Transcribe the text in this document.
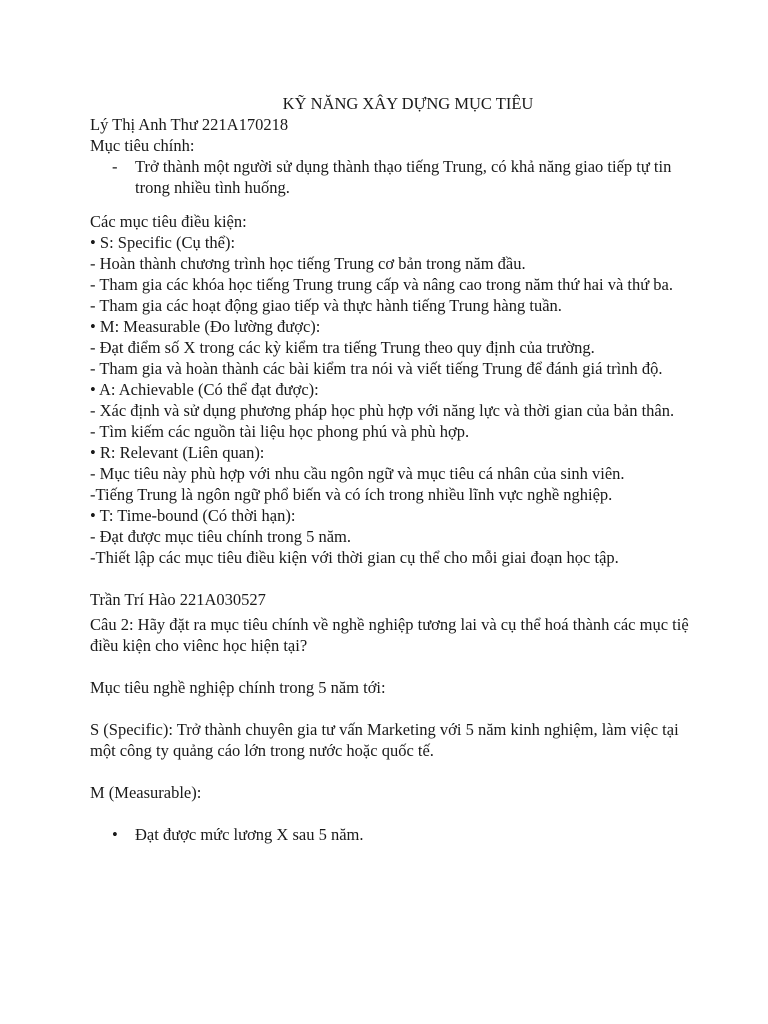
KỸ NĂNG XÂY DỰNG MỤC TIÊU

Lý Thị Anh Thư 221A170218

Mục tiêu chính:

-	Trở thành một người sử dụng thành thạo tiếng Trung, có khả năng giao tiếp tự tin trong nhiều tình huống.

Các mục tiêu điều kiện:

• S: Specific (Cụ thể):

- Hoàn thành chương trình học tiếng Trung cơ bản trong năm đầu.

- Tham gia các khóa học tiếng Trung trung cấp và nâng cao trong năm thứ hai và thứ ba.

- Tham gia các hoạt động giao tiếp và thực hành tiếng Trung hàng tuần.

• M: Measurable (Đo lường được):

- Đạt điểm số X trong các kỳ kiểm tra tiếng Trung theo quy định của trường.

- Tham gia và hoàn thành các bài kiểm tra nói và viết tiếng Trung để đánh giá trình độ.

• A: Achievable (Có thể đạt được):

- Xác định và sử dụng phương pháp học phù hợp với năng lực và thời gian của bản thân.

- Tìm kiếm các nguồn tài liệu học phong phú và phù hợp.

• R: Relevant (Liên quan):

- Mục tiêu này phù hợp với nhu cầu ngôn ngữ và mục tiêu cá nhân của sinh viên.

-Tiếng Trung là ngôn ngữ phổ biến và có ích trong nhiều lĩnh vực nghề nghiệp.

• T: Time-bound (Có thời hạn):

- Đạt được mục tiêu chính trong 5 năm.

-Thiết lập các mục tiêu điều kiện với thời gian cụ thể cho mỗi giai đoạn học tập.

Trần Trí Hào 221A030527

Câu 2: Hãy đặt ra mục tiêu chính về nghề nghiệp tương lai và cụ thể hoá thành các mục tiệ điều kiện cho viênc học hiện tại?

Mục tiêu nghề nghiệp chính trong 5 năm tới:

S (Specific): Trở thành chuyên gia tư vấn Marketing với 5 năm kinh nghiệm, làm việc tại một công ty quảng cáo lớn trong nước hoặc quốc tế.

M (Measurable):

•	Đạt được mức lương X sau 5 năm.
